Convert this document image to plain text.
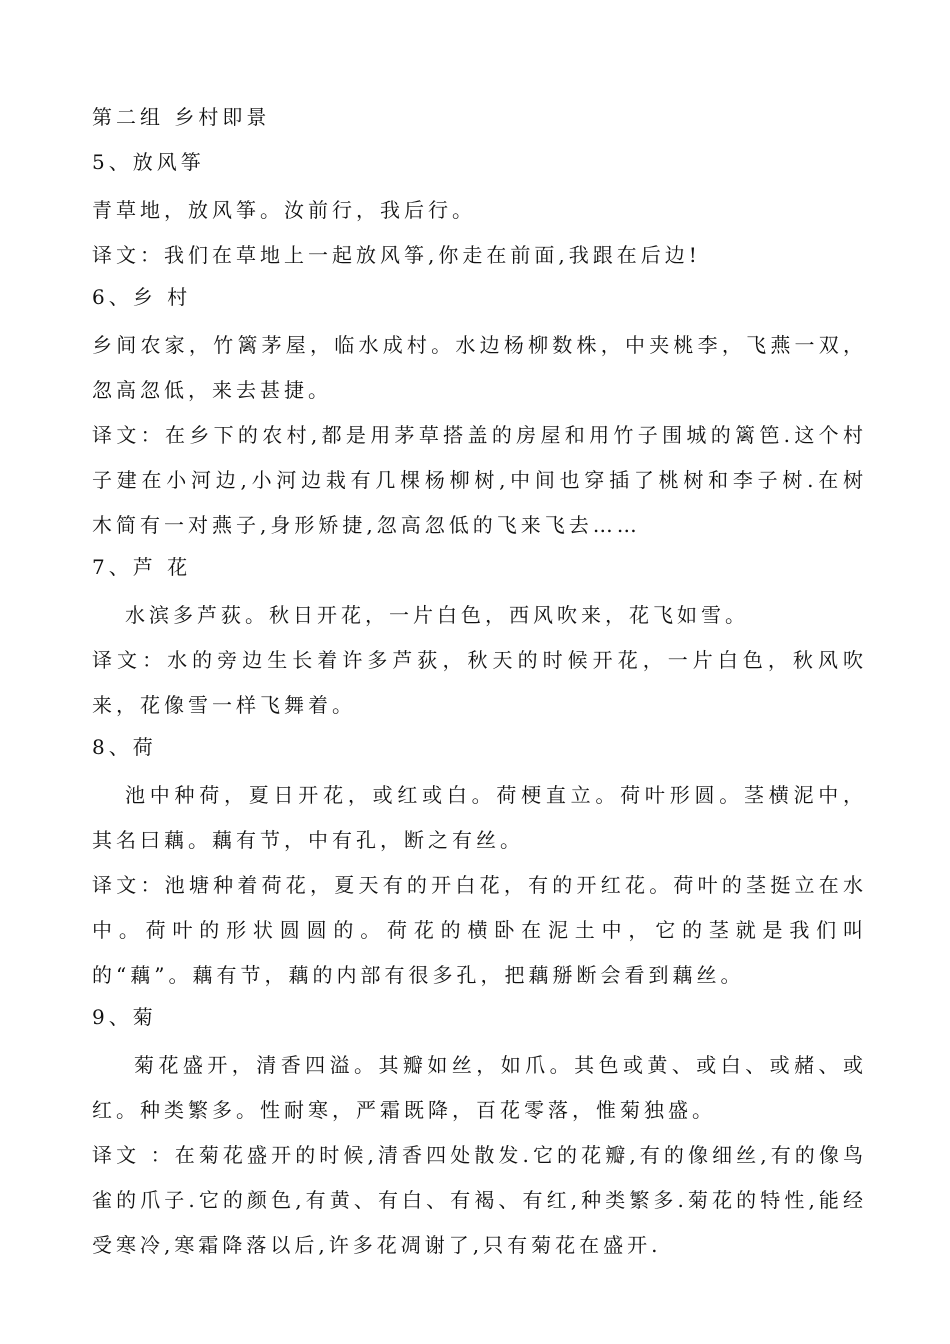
第二组 乡村即景

5、放风筝

青草地，放风筝。汝前行，我后行。

译文：我们在草地上一起放风筝,你走在前面,我跟在后边!

6、乡 村

乡间农家，竹篱茅屋，临水成村。水边杨柳数株，中夹桃李，飞燕一双，忽高忽低，来去甚捷。

译文：在乡下的农村,都是用茅草搭盖的房屋和用竹子围城的篱笆.这个村子建在小河边,小河边栽有几棵杨柳树,中间也穿插了桃树和李子树.在树木简有一对燕子,身形矫捷,忽高忽低的飞来飞去……

7、芦 花

水滨多芦荻。秋日开花，一片白色，西风吹来，花飞如雪。

译文：水的旁边生长着许多芦荻，秋天的时候开花，一片白色，秋风吹来，花像雪一样飞舞着。

8、荷

池中种荷，夏日开花，或红或白。荷梗直立。荷叶形圆。茎横泥中，其名曰藕。藕有节，中有孔，断之有丝。

译文：池塘种着荷花，夏天有的开白花，有的开红花。荷叶的茎挺立在水中。荷叶的形状圆圆的。荷花的横卧在泥土中，它的茎就是我们叫的“藕”。藕有节，藕的内部有很多孔，把藕掰断会看到藕丝。

9、菊

菊花盛开，清香四溢。其瓣如丝，如爪。其色或黄、或白、或赭、或红。种类繁多。性耐寒，严霜既降，百花零落，惟菊独盛。

译文 ：在菊花盛开的时候,清香四处散发.它的花瓣,有的像细丝,有的像鸟雀的爪子.它的颜色,有黄、有白、有褐、有红,种类繁多.菊花的特性,能经受寒冷,寒霜降落以后,许多花凋谢了,只有菊花在盛开.
